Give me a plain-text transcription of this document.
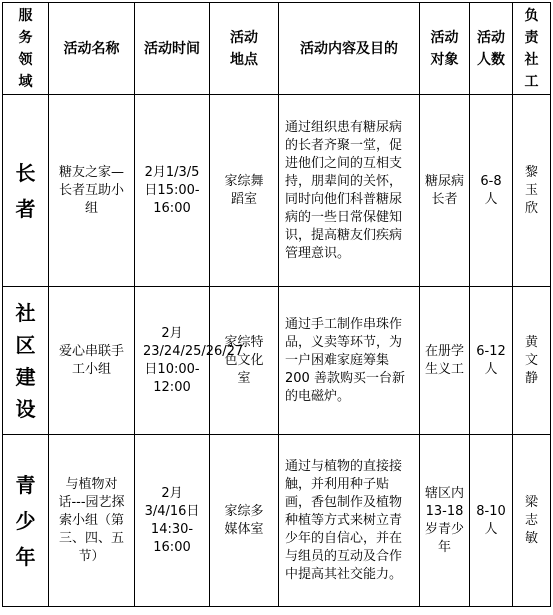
服务领域	活动名称	活动时间	活动地点	活动内容及目的	活动对象	活动人数	负责社工

长者	糖友之家—长者互助小组	2月1/3/5日15:00-16:00	家综舞蹈室	通过组织患有糖尿病的长者齐聚一堂，促进他们之间的互相支持，朋辈间的关怀，同时向他们科普糖尿病的一些日常保健知识，提高糖友们疾病管理意识。	糖尿病长者	6-8人	黎玉欣

社区建设	爱心串联手工小组	2月23/24/25/26/27日10:00-12:00	家综特色文化室	通过手工制作串珠作品，义卖等环节，为一户困难家庭筹集 200 善款购买一台新的电磁炉。	在册学生义工	6-12人	黄文静

青少年	与植物对话---园艺探索小组（第三、四、五节）	2月3/4/16日14:30-16:00	家综多媒体室	通过与植物的直接接触，并利用种子贴画，香包制作及植物种植等方式来树立青少年的自信心，并在与组员的互动及合作中提高其社交能力。	辖区内13-18岁青少年	8-10人	梁志敏
